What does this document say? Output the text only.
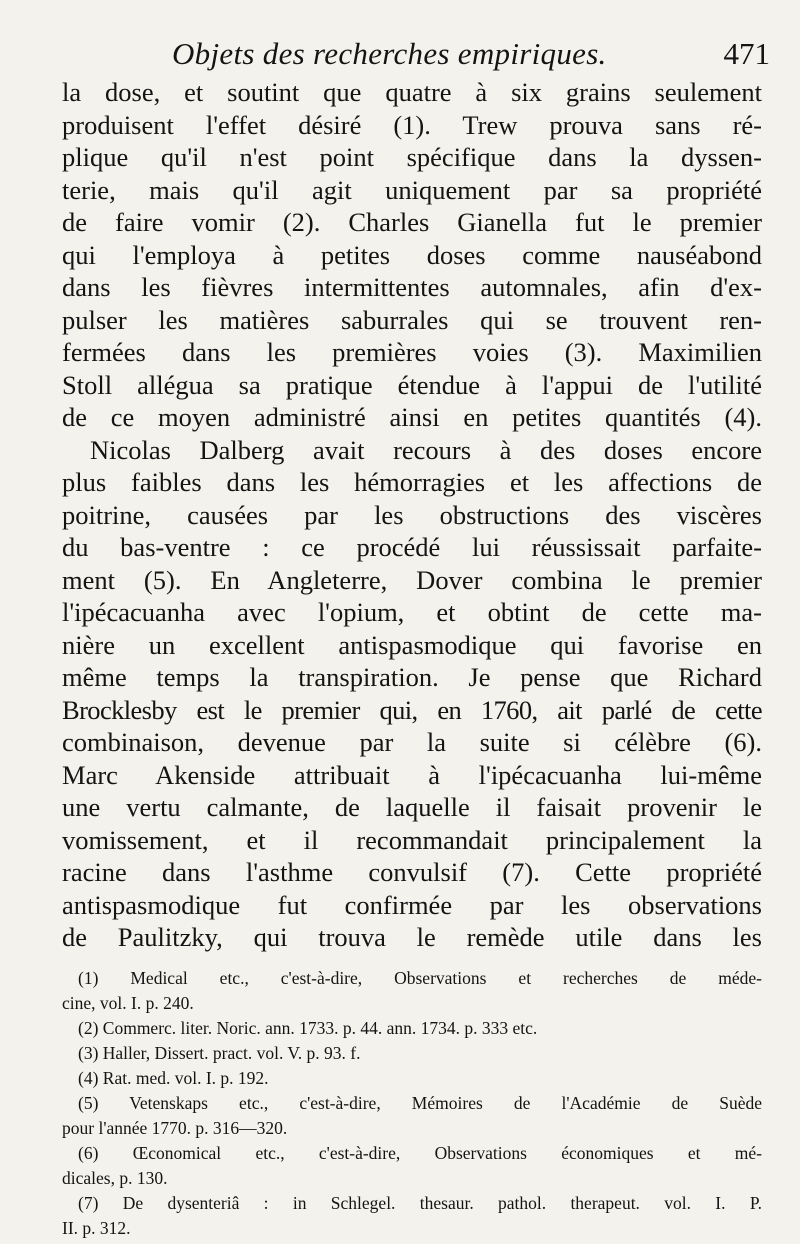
Objets des recherches empiriques.	471
la dose, et soutint que quatre à six grains seulement
produisent l'effet désiré (1). Trew prouva sans ré-
plique qu'il n'est point spécifique dans la dyssen-
terie, mais qu'il agit uniquement par sa propriété
de faire vomir (2). Charles Gianella fut le premier
qui l'employa à petites doses comme nauséabond
dans les fièvres intermittentes automnales, afin d'ex-
pulser les matières saburrales qui se trouvent ren-
fermées dans les premières voies (3). Maximilien
Stoll allégua sa pratique étendue à l'appui de l'utilité
de ce moyen administré ainsi en petites quantités (4).
Nicolas Dalberg avait recours à des doses encore
plus faibles dans les hémorragies et les affections de
poitrine, causées par les obstructions des viscères
du bas-ventre : ce procédé lui réussissait parfaite-
ment (5). En Angleterre, Dover combina le premier
l'ipécacuanha avec l'opium, et obtint de cette ma-
nière un excellent antispasmodique qui favorise en
même temps la transpiration. Je pense que Richard
Brocklesby est le premier qui, en 1760, ait parlé de cette
combinaison, devenue par la suite si célèbre (6).
Marc Akenside attribuait à l'ipécacuanha lui-même
une vertu calmante, de laquelle il faisait provenir le
vomissement, et il recommandait principalement la
racine dans l'asthme convulsif (7). Cette propriété
antispasmodique fut confirmée par les observations
de Paulitzky, qui trouva le remède utile dans les
(1) Medical etc., c'est-à-dire, Observations et recherches de méde-
cine, vol. I. p. 240.
(2) Commerc. liter. Noric. ann. 1733. p. 44. ann. 1734. p. 333 etc.
(3) Haller, Dissert. pract. vol. V. p. 93. f.
(4) Rat. med. vol. I. p. 192.
(5) Vetenskaps etc., c'est-à-dire, Mémoires de l'Académie de Suède
pour l'année 1770. p. 316—320.
(6) Œconomical etc., c'est-à-dire, Observations économiques et mé-
dicales, p. 130.
(7) De dysenteriâ : in Schlegel. thesaur. pathol. therapeut. vol. I. P.
II. p. 312.
